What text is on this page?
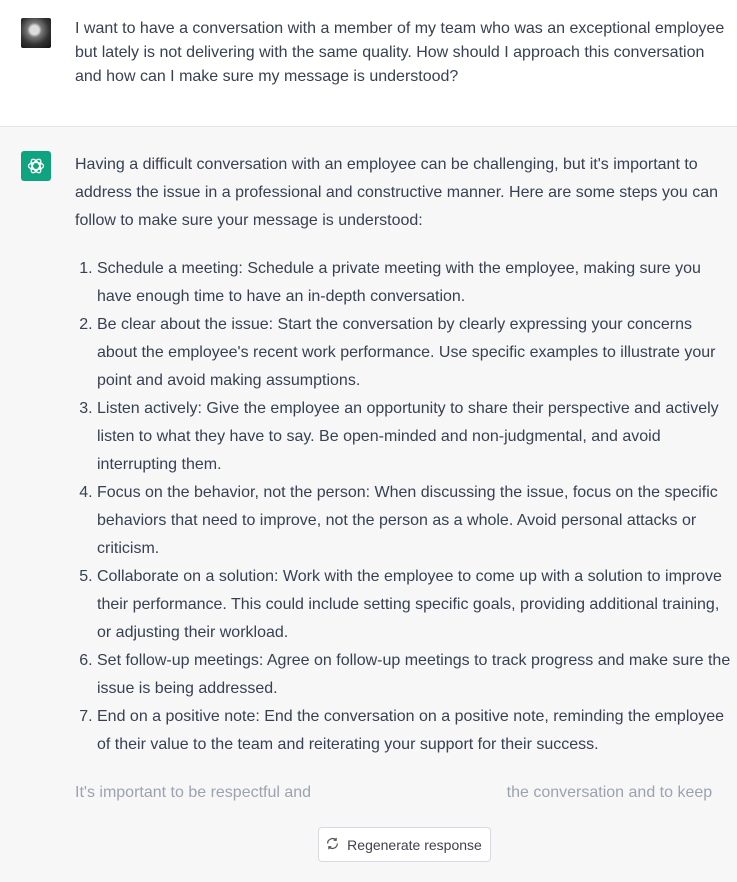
I want to have a conversation with a member of my team who was an exceptional employee but lately is not delivering with the same quality. How should I approach this conversation and how can I make sure my message is understood?

Having a difficult conversation with an employee can be challenging, but it's important to address the issue in a professional and constructive manner. Here are some steps you can follow to make sure your message is understood:

1. Schedule a meeting: Schedule a private meeting with the employee, making sure you have enough time to have an in-depth conversation.
2. Be clear about the issue: Start the conversation by clearly expressing your concerns about the employee's recent work performance. Use specific examples to illustrate your point and avoid making assumptions.
3. Listen actively: Give the employee an opportunity to share their perspective and actively listen to what they have to say. Be open-minded and non-judgmental, and avoid interrupting them.
4. Focus on the behavior, not the person: When discussing the issue, focus on the specific behaviors that need to improve, not the person as a whole. Avoid personal attacks or criticism.
5. Collaborate on a solution: Work with the employee to come up with a solution to improve their performance. This could include setting specific goals, providing additional training, or adjusting their workload.
6. Set follow-up meetings: Agree on follow-up meetings to track progress and make sure the issue is being addressed.
7. End on a positive note: End the conversation on a positive note, reminding the employee of their value to the team and reiterating your support for their success.

It's important to be respectful and                                            the conversation and to keep

Regenerate response
